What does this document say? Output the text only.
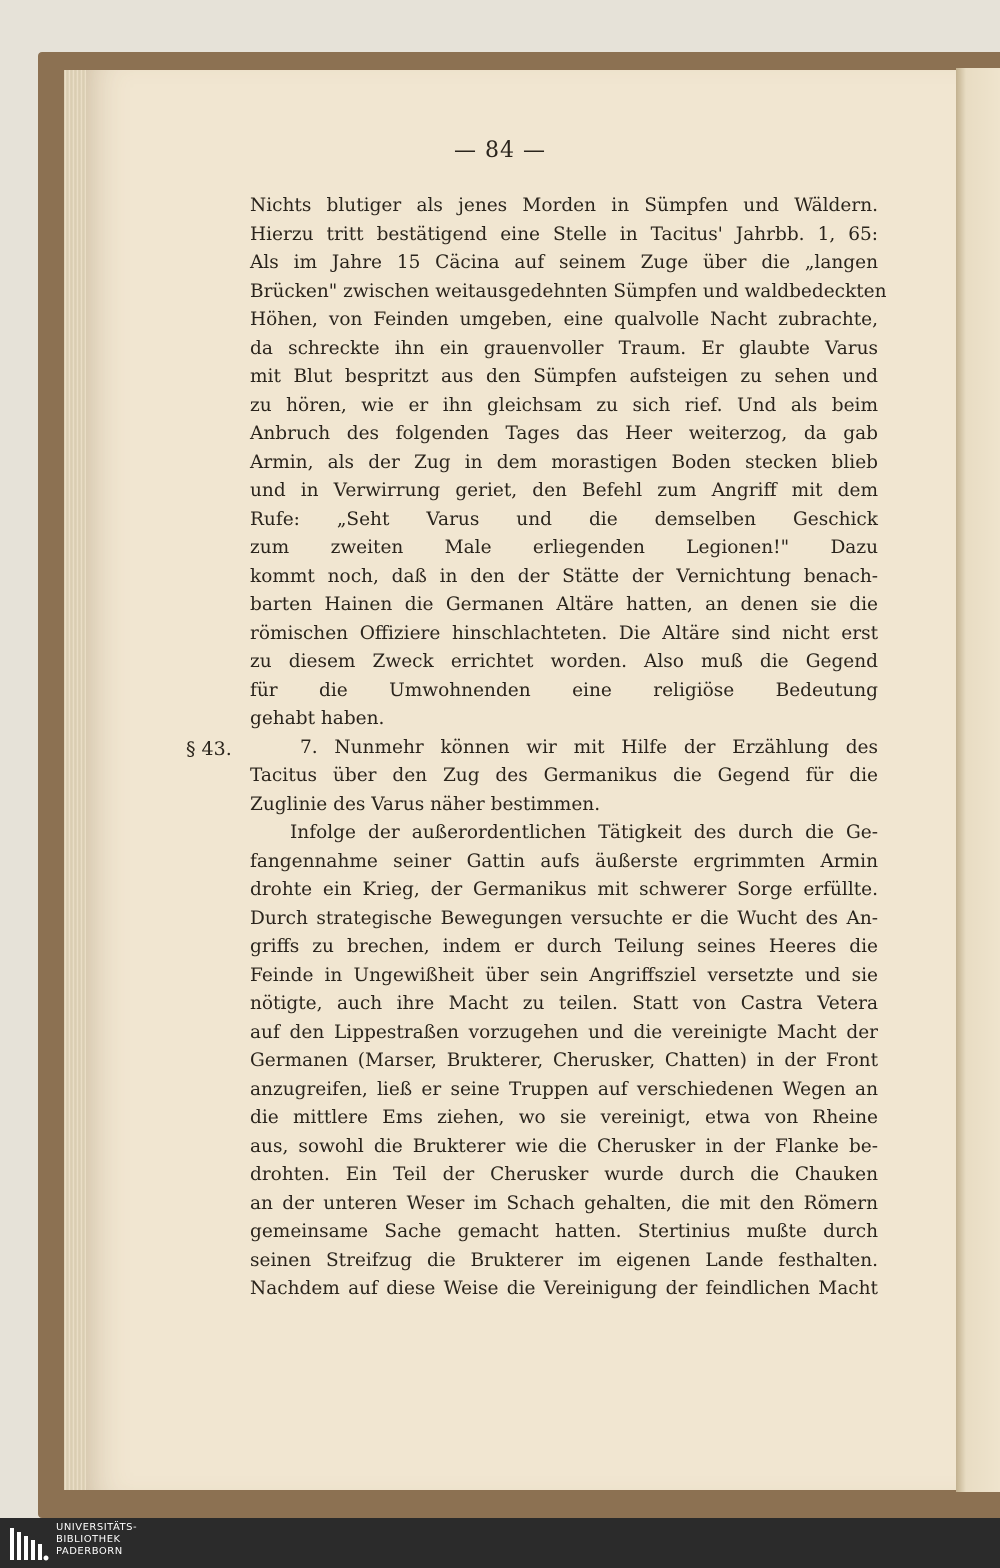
— 84 —
§ 43.
Nichts blutiger als jenes Morden in Sümpfen und Wäldern.
Hierzu tritt bestätigend eine Stelle in Tacitus' Jahrbb. 1, 65:
Als im Jahre 15 Cäcina auf seinem Zuge über die „langen
Brücken" zwischen weitausgedehnten Sümpfen und waldbedeckten
Höhen, von Feinden umgeben, eine qualvolle Nacht zubrachte,
da schreckte ihn ein grauenvoller Traum. Er glaubte Varus
mit Blut bespritzt aus den Sümpfen aufsteigen zu sehen und
zu hören, wie er ihn gleichsam zu sich rief. Und als beim
Anbruch des folgenden Tages das Heer weiterzog, da gab
Armin, als der Zug in dem morastigen Boden stecken blieb
und in Verwirrung geriet, den Befehl zum Angriff mit dem
Rufe: „Seht Varus und die demselben Geschick
zum zweiten Male erliegenden Legionen!" Dazu
kommt noch, daß in den der Stätte der Vernichtung benach-
barten Hainen die Germanen Altäre hatten, an denen sie die
römischen Offiziere hinschlachteten. Die Altäre sind nicht erst
zu diesem Zweck errichtet worden. Also muß die Gegend
für die Umwohnenden eine religiöse Bedeutung
gehabt haben.
7. Nunmehr können wir mit Hilfe der Erzählung des
Tacitus über den Zug des Germanikus die Gegend für die
Zuglinie des Varus näher bestimmen.
Infolge der außerordentlichen Tätigkeit des durch die Ge-
fangennahme seiner Gattin aufs äußerste ergrimmten Armin
drohte ein Krieg, der Germanikus mit schwerer Sorge erfüllte.
Durch strategische Bewegungen versuchte er die Wucht des An-
griffs zu brechen, indem er durch Teilung seines Heeres die
Feinde in Ungewißheit über sein Angriffsziel versetzte und sie
nötigte, auch ihre Macht zu teilen. Statt von Castra Vetera
auf den Lippestraßen vorzugehen und die vereinigte Macht der
Germanen (Marser, Brukterer, Cherusker, Chatten) in der Front
anzugreifen, ließ er seine Truppen auf verschiedenen Wegen an
die mittlere Ems ziehen, wo sie vereinigt, etwa von Rheine
aus, sowohl die Brukterer wie die Cherusker in der Flanke be-
drohten. Ein Teil der Cherusker wurde durch die Chauken
an der unteren Weser im Schach gehalten, die mit den Römern
gemeinsame Sache gemacht hatten. Stertinius mußte durch
seinen Streifzug die Brukterer im eigenen Lande festhalten.
Nachdem auf diese Weise die Vereinigung der feindlichen Macht
UNIVERSITÄTS-
BIBLIOTHEK
PADERBORN
